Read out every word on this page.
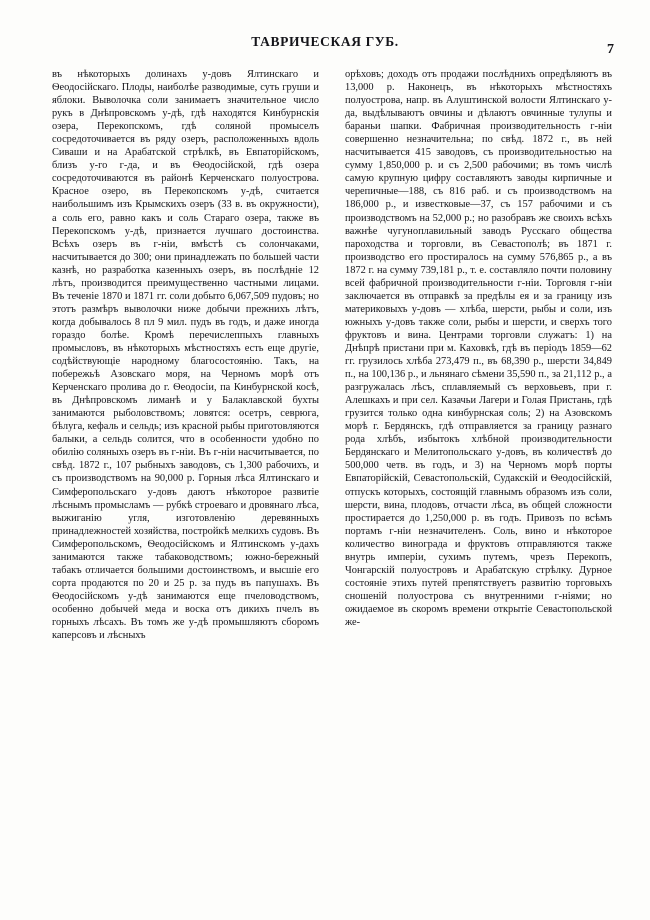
ТАВРИЧЕСКАЯ ГУБ.
7

въ нѣкоторыхъ долинахъ у-довъ Ялтинскаго и Ѳеодосійскаго. Плоды, наиболѣе разводимые, суть груши и яблоки. Выволочка соли занимаетъ значительное число рукъ в Днѣпровскомъ у-дѣ, гдѣ находятся Кинбурнскія озера, Перекопскомъ, гдѣ соляной промыселъ сосредоточивается въ ряду озеръ, расположенныхъ вдоль Сиваши и на Арабатской стрѣлкѣ, въ Евпаторійскомъ, близъ у-го г-да, и въ Ѳеодосійской, гдѣ озера сосредоточиваются въ районѣ Керченскаго полуострова. Красное озеро, въ Перекопскомъ у-дѣ, считается наибольшимъ изъ Крымскихъ озеръ (33 в. въ окружности), а соль его, равно какъ и соль Стараго озера, также въ Перекопскомъ у-дѣ, признается лучшаго достоинства. Всѣхъ озеръ въ г-ніи, вмѣстѣ съ солончаками, насчитывается до 300; они принадлежать по большей части казнѣ, но разработка казенныхъ озеръ, въ послѣдніе 12 лѣтъ, производится преимущественно частными лицами. Въ теченіе 1870 и 1871 гг. соли добыто 6,067,509 пудовъ; но этотъ размѣръ выволочки ниже добычи прежнихъ лѣтъ, когда добывалось 8 пл 9 мил. пудъ въ годъ, и даже иногда гораздо болѣе. Кромѣ перечислеппыхъ главныхъ промысловъ, въ нѣкоторыхъ мѣстностяхъ есть еще другіе, содѣйствующіе народному благосостоянію. Такъ, на побережьѣ Азовскаго моря, на Черномъ морѣ отъ Керченскаго пролива до г. Ѳеодосіи, па Кинбурнской косѣ, въ Днѣпровскомъ лиманѣ и у Балаклавской бухты занимаются рыболовствомъ; ловятся: осетръ, севрюга, бѣлуга, кефаль и сельдь; изъ красной рыбы приготовляются балыки, а сельдь солится, что в особенности удобно по обилію соляныхъ озеръ въ г-ніи. Въ г-ніи насчитывается, по свѣд. 1872 г., 107 рыбныхъ заводовъ, съ 1,300 рабочихъ, и съ производствомъ на 90,000 р. Горныя лѣса Ялтинскаго и Симферопольскаго у-довъ даютъ нѣкоторое развитіе лѣснымъ промысламъ — рубкѣ строеваго и дровянаго лѣса, выжиганію угля, изготовленію деревянныхъ принадлежностей хозяйства, постройкѣ мелкихъ судовъ. Въ Симферопольскомъ, Ѳеодосійскомъ и Ялтинскомъ у-дахъ занимаются также табаководствомъ; южно-бережный табакъ отличается большими достоинствомъ, и высшіе его сорта продаются по 20 и 25 р. за пудъ въ папушахъ. Въ Ѳеодосійскомъ у-дѣ занимаются еще пчеловодствомъ, особенно добычей меда и воска отъ дикихъ пчелъ въ горныхъ лѣсахъ. Въ томъ же у-дѣ промышляютъ сборомъ каперсовъ и лѣсныхъ

орѣховъ; доходъ отъ продажи послѣднихъ опредѣляютъ въ 13,000 р. Наконецъ, въ нѣкоторыхъ мѣстностяхъ полуострова, напр. въ Алуштинской волости Ялтинскаго у-да, выдѣлываютъ овчины и дѣлаютъ овчинные тулупы и бараньи шапки. Фабричная производительность г-ніи совершенно незначительна; по свѣд. 1872 г., въ ней насчитывается 415 заводовъ, съ производительностью на сумму 1,850,000 р. и съ 2,500 рабочими; въ томъ числѣ самую крупную цифру составляютъ заводы кирпичные и черепичные—188, съ 816 раб. и съ производствомъ на 186,000 р., и известковые—37, съ 157 рабочими и съ производствомъ на 52,000 р.; но разобравъ же своихъ всѣхъ важнѣе чугуноплавильный заводъ Русскаго общества пароходства и торговли, въ Севастополѣ; въ 1871 г. производство его простиралось на сумму 576,865 р., а въ 1872 г. на сумму 739,181 р., т. е. составляло почти половину всей фабричной производительности г-ніи. Торговля г-ніи заключается въ отправкѣ за предѣлы ея и за границу изъ материковыхъ у-довъ — хлѣба, шерсти, рыбы и соли, изъ южныхъ у-довъ также соли, рыбы и шерсти, и сверхъ того фруктовъ и вина. Центрами торговли служатъ: 1) на Днѣпрѣ пристани при м. Каховкѣ, гдѣ въ періодъ 1859—62 гг. грузилось хлѣба 273,479 п., въ 68,390 р., шерсти 34,849 п., на 100,136 р., и льнянаго сѣмени 35,590 п., за 21,112 р., а разгружалась лѣсъ, сплавляемый съ верховьевъ, при г. Алешкахъ и при сел. Казачьи Лагери и Голая Пристань, гдѣ грузится только одна кинбурнская соль; 2) на Азовскомъ морѣ г. Бердянскъ, гдѣ отправляется за границу разнаго рода хлѣбъ, избытокъ хлѣбной производительности Бердянскаго и Мелитопольскаго у-довъ, въ количествѣ до 500,000 четв. въ годъ, и 3) на Черномъ морѣ порты Евпаторійскій, Севастопольскій, Судакскій и Ѳеодосійскій, отпускъ которыхъ, состоящій главнымъ образомъ изъ соли, шерсти, вина, плодовъ, отчасти лѣса, въ общей сложности простирается до 1,250,000 р. въ годъ. Привозъ по всѣмъ портамъ г-ніи незначителенъ. Соль, вино и нѣкоторое количество винограда и фруктовъ отправляются также внутрь имперіи, сухимъ путемъ, чрезъ Перекопъ, Чонгарскій полуостровъ и Арабатскую стрѣлку. Дурное состояніе этихъ путей препятствуетъ развитію торговыхъ сношеній полуострова съ внутренними г-ніями; но ожидаемое въ скоромъ времени открытіе Севастопольской же-
